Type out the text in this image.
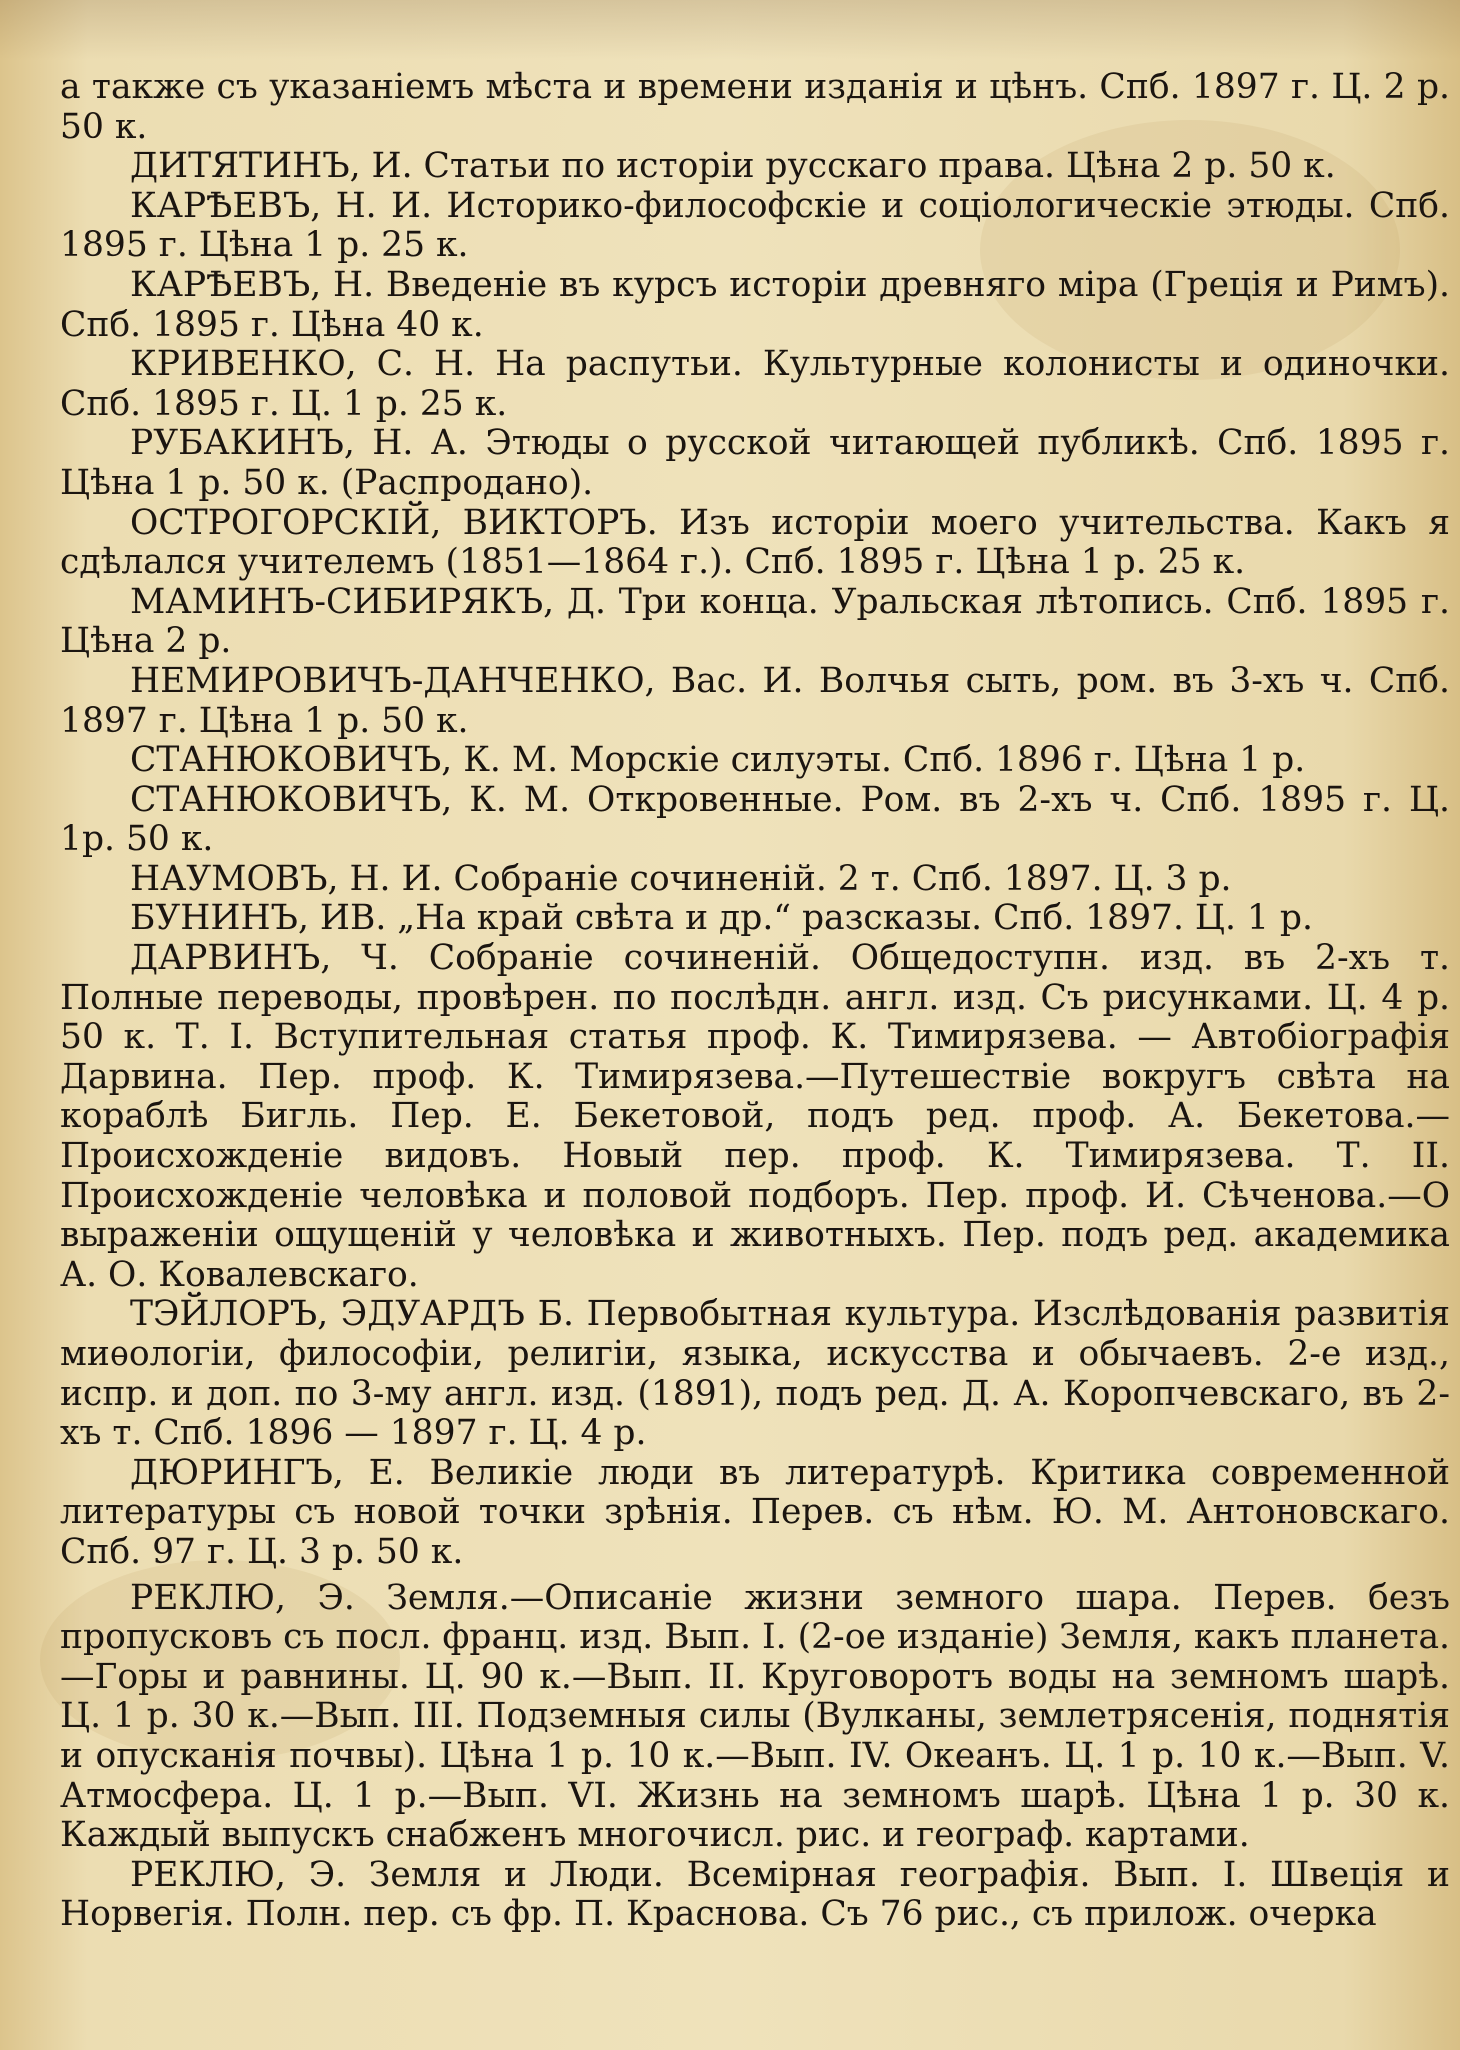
а также съ указаніемъ мѣста и времени изданія и цѣнъ. Спб. 1897 г. Ц. 2 р. 50 к.

ДИТЯТИНЪ, И. Статьи по исторіи русскаго права. Цѣна 2 р. 50 к.

КАРѢЕВЪ, Н. И. Историко-философскіе и соціологическіе этюды. Спб. 1895 г. Цѣна 1 р. 25 к.

КАРѢЕВЪ, Н. Введеніе въ курсъ исторіи древняго міра (Греція и Римъ). Спб. 1895 г. Цѣна 40 к.

КРИВЕНКО, С. Н. На распутьи. Культурные колонисты и одиночки. Спб. 1895 г. Ц. 1 р. 25 к.

РУБАКИНЪ, Н. А. Этюды о русской читающей публикѣ. Спб. 1895 г. Цѣна 1 р. 50 к. (Распродано).

ОСТРОГОРСКІЙ, ВИКТОРЪ. Изъ исторіи моего учительства. Какъ я сдѣлался учителемъ (1851—1864 г.). Спб. 1895 г. Цѣна 1 р. 25 к.

МАМИНЪ-СИБИРЯКЪ, Д. Три конца. Уральская лѣтопись. Спб. 1895 г. Цѣна 2 р.

НЕМИРОВИЧЪ-ДАНЧЕНКО, Вас. И. Волчья сыть, ром. въ 3-хъ ч. Спб. 1897 г. Цѣна 1 р. 50 к.

СТАНЮКОВИЧЪ, К. М. Морскіе силуэты. Спб. 1896 г. Цѣна 1 р.

СТАНЮКОВИЧЪ, К. М. Откровенные. Ром. въ 2-хъ ч. Спб. 1895 г. Ц. 1р. 50 к.

НАУМОВЪ, Н. И. Собраніе сочиненій. 2 т. Спб. 1897. Ц. 3 р.

БУНИНЪ, ИВ. „На край свѣта и др.“ разсказы. Спб. 1897. Ц. 1 р.

ДАРВИНЪ, Ч. Собраніе сочиненій. Общедоступн. изд. въ 2-хъ т. Полные переводы, провѣрен. по послѣдн. англ. изд. Съ рисунками. Ц. 4 р. 50 к. Т. I. Вступительная статья проф. К. Тимирязева. — Автобіографія Дарвина. Пер. проф. К. Тимирязева.—Путешествіе вокругъ свѣта на кораблѣ Бигль. Пер. Е. Бекетовой, подъ ред. проф. А. Бекетова.—Происхожденіе видовъ. Новый пер. проф. К. Тимирязева. Т. II. Происхожденіе человѣка и половой подборъ. Пер. проф. И. Сѣченова.—О выраженіи ощущеній у человѣка и животныхъ. Пер. подъ ред. академика А. О. Ковалевскаго.

ТЭЙЛОРЪ, ЭДУАРДЪ Б. Первобытная культура. Изслѣдованія развитія миѳологіи, философіи, религіи, языка, искусства и обычаевъ. 2-е изд., испр. и доп. по 3-му англ. изд. (1891), подъ ред. Д. А. Коропчевскаго, въ 2-хъ т. Спб. 1896 — 1897 г. Ц. 4 р.

ДЮРИНГЪ, Е. Великіе люди въ литературѣ. Критика современной литературы съ новой точки зрѣнія. Перев. съ нѣм. Ю. М. Антоновскаго. Спб. 97 г. Ц. 3 р. 50 к.

РЕКЛЮ, Э. Земля.—Описаніе жизни земного шара. Перев. безъ пропусковъ съ посл. франц. изд. Вып. I. (2-ое изданіе) Земля, какъ планета.—Горы и равнины. Ц. 90 к.—Вып. II. Круговоротъ воды на земномъ шарѣ. Ц. 1 р. 30 к.—Вып. III. Подземныя силы (Вулканы, землетрясенія, поднятія и опусканія почвы). Цѣна 1 р. 10 к.—Вып. IV. Океанъ. Ц. 1 р. 10 к.—Вып. V. Атмосфера. Ц. 1 р.—Вып. VI. Жизнь на земномъ шарѣ. Цѣна 1 р. 30 к. Каждый выпускъ снабженъ многочисл. рис. и географ. картами.

РЕКЛЮ, Э. Земля и Люди. Всемірная географія. Вып. I. Швеція и Норвегія. Полн. пер. съ фр. П. Краснова. Съ 76 рис., съ прилож. очерка
